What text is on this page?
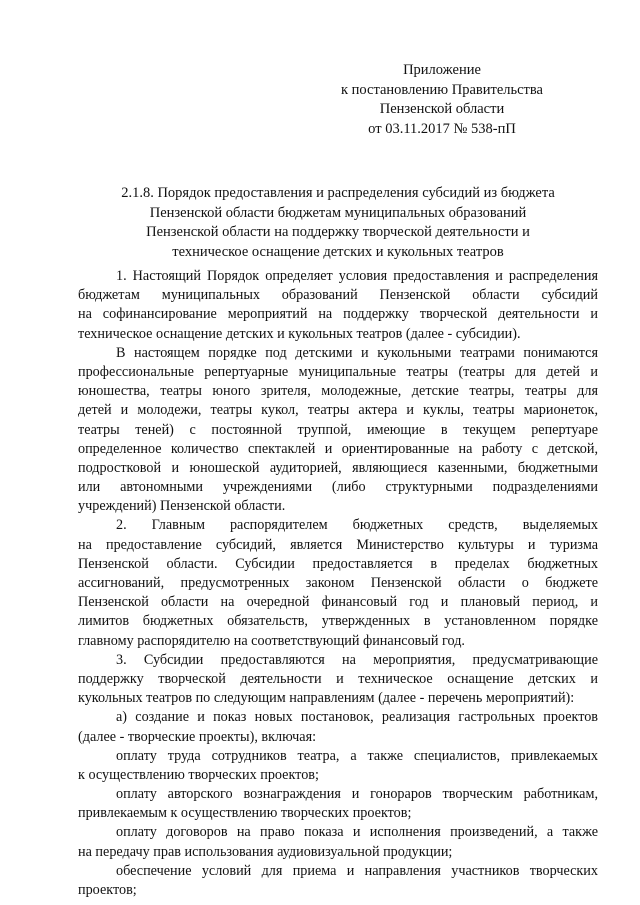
Приложение
к постановлению Правительства
Пензенской области
от 03.11.2017 № 538-пП
2.1.8. Порядок предоставления и распределения субсидий из бюджета
Пензенской области бюджетам муниципальных образований
Пензенской области на поддержку творческой деятельности и
техническое оснащение детских и кукольных театров
1. Настоящий Порядок определяет условия предоставления и распределения
бюджетам муниципальных образований Пензенской области субсидий
на софинансирование мероприятий на поддержку творческой деятельности и
техническое оснащение детских и кукольных театров (далее - субсидии).
В настоящем порядке под детскими и кукольными театрами понимаются
профессиональные репертуарные муниципальные театры (театры для детей и
юношества, театры юного зрителя, молодежные, детские театры, театры для
детей и молодежи, театры кукол, театры актера и куклы, театры марионеток,
театры теней) с постоянной труппой, имеющие в текущем репертуаре
определенное количество спектаклей и ориентированные на работу с детской,
подростковой и юношеской аудиторией, являющиеся казенными, бюджетными
или автономными учреждениями (либо структурными подразделениями
учреждений) Пензенской области.
2. Главным распорядителем бюджетных средств, выделяемых
на предоставление субсидий, является Министерство культуры и туризма
Пензенской области. Субсидии предоставляется в пределах бюджетных
ассигнований, предусмотренных законом Пензенской области о бюджете
Пензенской области на очередной финансовый год и плановый период, и
лимитов бюджетных обязательств, утвержденных в установленном порядке
главному распорядителю на соответствующий финансовый год.
3. Субсидии предоставляются на мероприятия, предусматривающие
поддержку творческой деятельности и техническое оснащение детских и
кукольных театров по следующим направлениям (далее - перечень мероприятий):
а) создание и показ новых постановок, реализация гастрольных проектов
(далее - творческие проекты), включая:
оплату труда сотрудников театра, а также специалистов, привлекаемых
к осуществлению творческих проектов;
оплату авторского вознаграждения и гонораров творческим работникам,
привлекаемым к осуществлению творческих проектов;
оплату договоров на право показа и исполнения произведений, а также
на передачу прав использования аудиовизуальной продукции;
обеспечение условий для приема и направления участников творческих
проектов;
